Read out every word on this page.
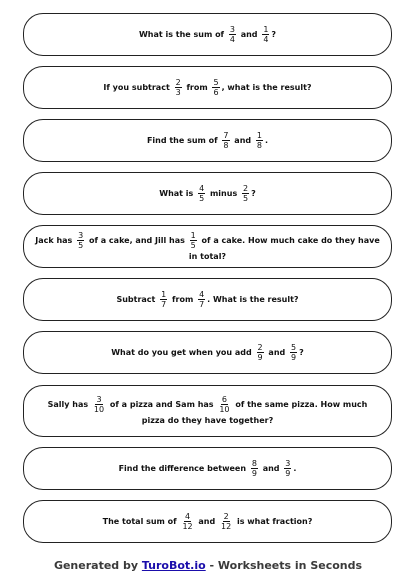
What is the sum of $\frac{3}{4}$ and $\frac{1}{4}$ ?
If you subtract $\frac{2}{3}$ from $\frac{5}{6}$ , what is the result?
Find the sum of $\frac{7}{8}$ and $\frac{1}{8}$ .
What is $\frac{4}{5}$ minus $\frac{2}{5}$ ?
Jack has $\frac{3}{5}$ of a cake, and Jill has $\frac{1}{5}$ of a cake. How much cake do they have in total?
Subtract $\frac{1}{7}$ from $\frac{4}{7}$ . What is the result?
What do you get when you add $\frac{2}{9}$ and $\frac{5}{9}$ ?
Sally has $\frac{3}{10}$ of a pizza and Sam has $\frac{6}{10}$ of the same pizza. How much pizza do they have together?
Find the difference between $\frac{8}{9}$ and $\frac{3}{9}$ .
The total sum of $\frac{4}{12}$ and $\frac{2}{12}$ is what fraction?
Generated by TuroBot.io - Worksheets in Seconds
